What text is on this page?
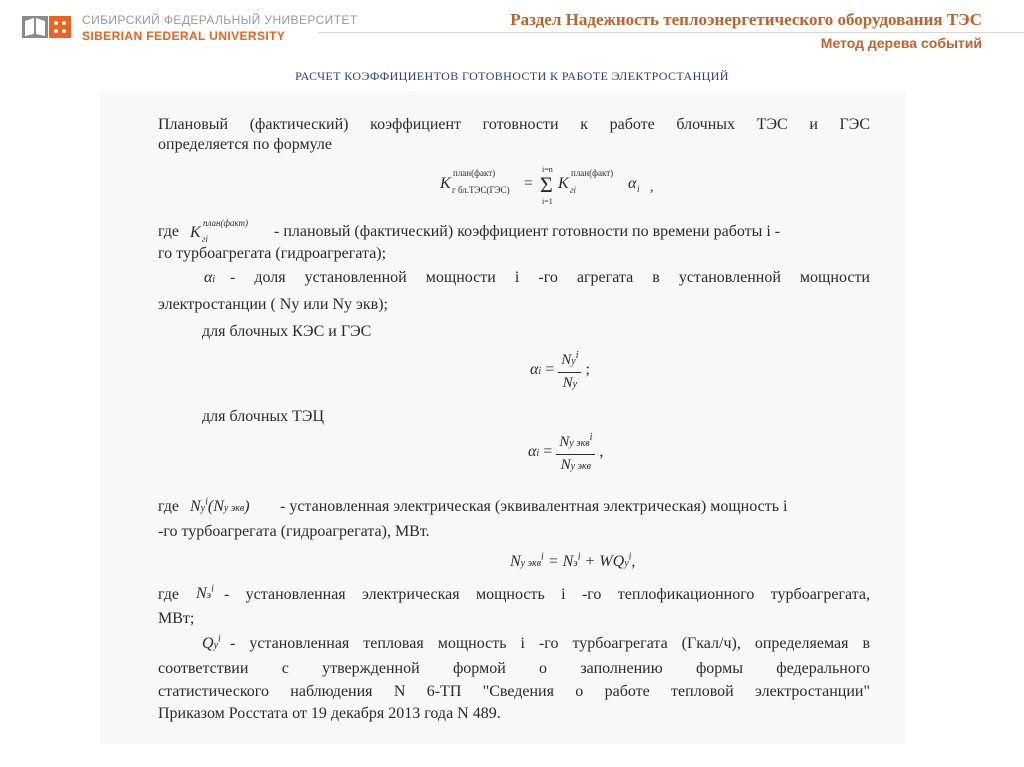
СИБИРСКИЙ ФЕДЕРАЛЬНЫЙ УНИВЕРСИТЕТ
SIBERIAN FEDERAL UNIVERSITY
Раздел Надежность теплоэнергетического оборудования ТЭС
Метод дерева событий
РАСЧЕТ КОЭФФИЦИЕНТОВ ГОТОВНОСТИ К РАБОТЕ ЭЛЕКТРОСТАНЦИЙ
Плановый (фактический) коэффициент готовности к работе блочных ТЭС и ГЭС
определяется по формуле
K
план(факт)
г бл.ТЭС(ГЭС) =
i=n
Σ
i=1
K
план(факт)
гi	α i ,
где K
план(факт)
гi	- плановый (фактический) коэффициент готовности по времени работы i -
го турбоагрегата (гидроагрегата);
αi - доля установленной мощности i -го агрегата в установленной мощности
электростанции ( Nу или Nу экв);
для блочных КЭС и ГЭС
$\alpha i = \frac{Nу^i}{Nу}$ ;
для блочных ТЭЦ
$\alpha i = \frac{Nу экв^i}{\text{Nу экв}}$ ,
где $Nу^i(Nу$ экв) - установленная электрическая (эквивалентная электрическая) мощность i
-го турбоагрегата (гидроагрегата), МВт.
Nу $экв^i = Nэ^i + WQу^i$,
где $Nэ^i$ - установленная электрическая мощность i -го теплофикационного турбоагрегата,
МВт;
$Qу^i$ - установленная тепловая мощность i -го турбоагрегата (Гкал/ч), определяемая в
соответствии с утвержденной формой о заполнению формы федерального
статистического наблюдения N 6-ТП "Сведения о работе тепловой электростанции"
Приказом Росстата от 19 декабря 2013 года N 489.
